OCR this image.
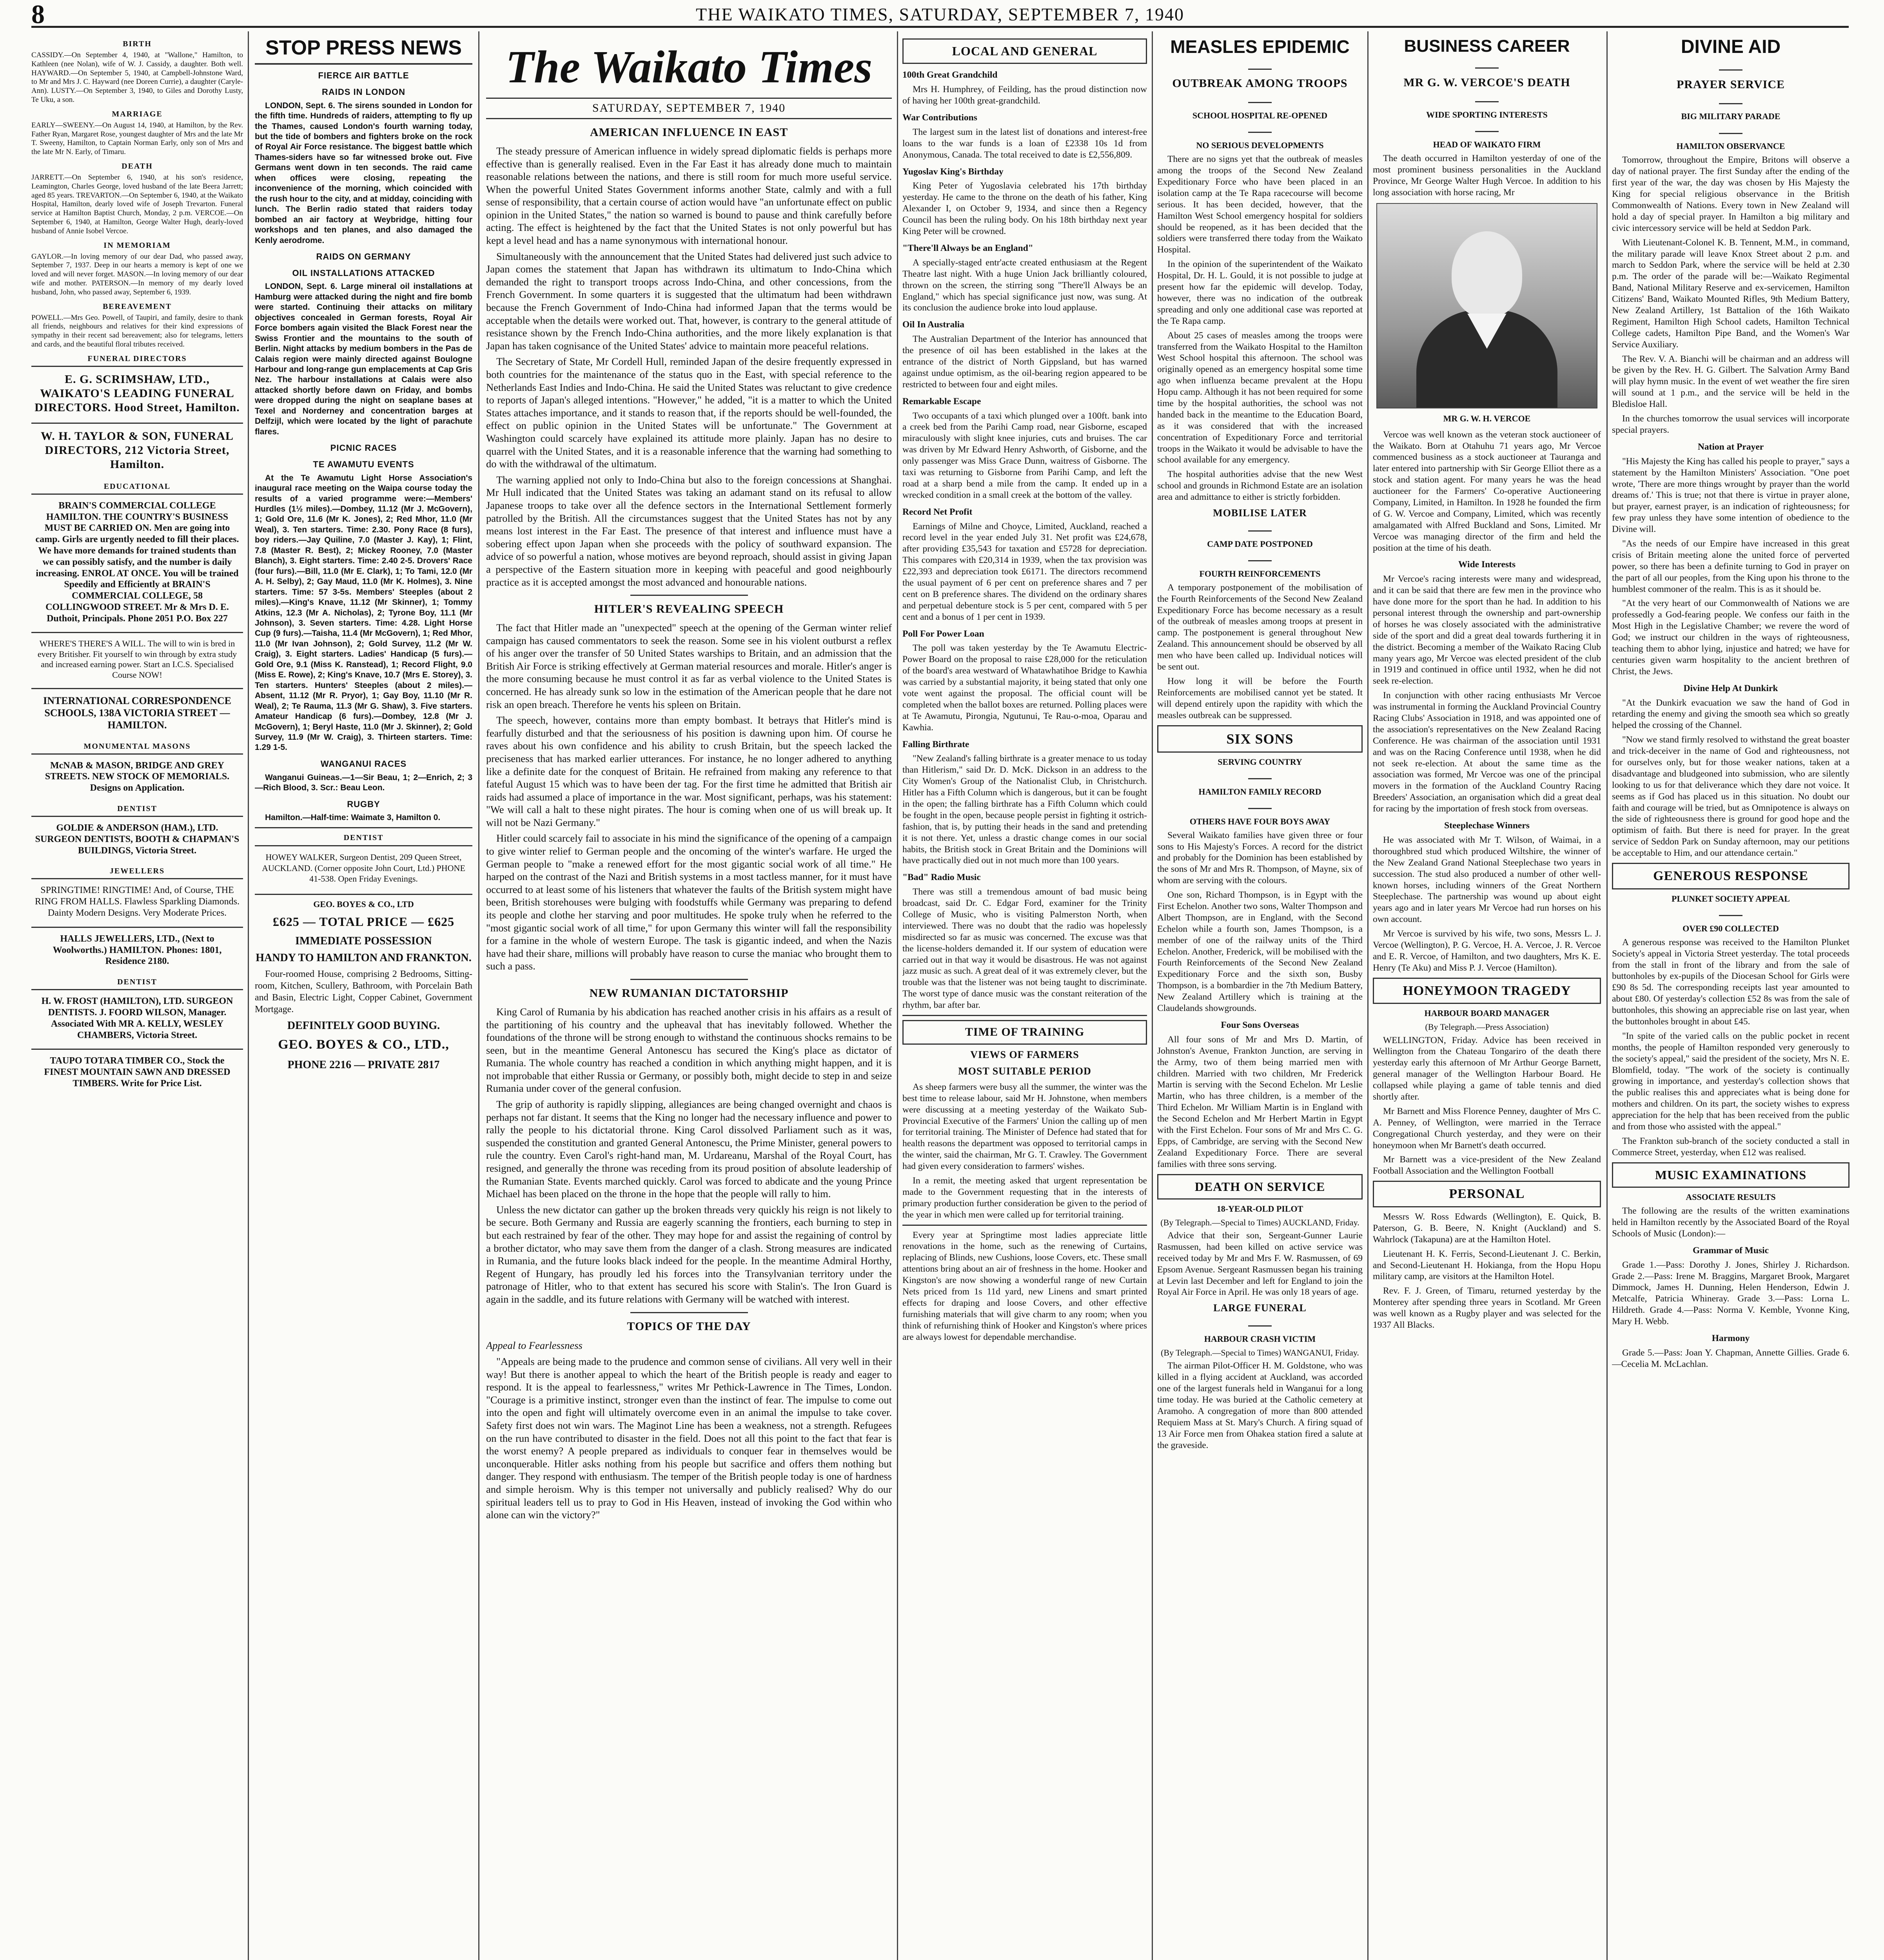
8	THE WAIKATO TIMES, SATURDAY, SEPTEMBER 7, 1940
BIRTH

CASSIDY.—On September 4, 1940, at "Wallone," Hamilton, to Kathleen (nee Nolan), wife of W. J. Cassidy, a daughter. Both well. HAYWARD.—On September 5, 1940, at Campbell-Johnstone Ward, to Mr and Mrs J. C. Hayward (nee Doreen Currie), a daughter (Caryle-Ann). LUSTY.—On September 3, 1940, to Giles and Dorothy Lusty, Te Uku, a son.

MARRIAGE

EARLY—SWEENY.—On August 14, 1940, at Hamilton, by the Rev. Father Ryan, Margaret Rose, youngest daughter of Mrs and the late Mr T. Sweeny, Hamilton, to Captain Norman Early, only son of Mrs and the late Mr N. Early, of Timaru.

DEATH

JARRETT.—On September 6, 1940, at his son's residence, Leamington, Charles George, loved husband of the late Beera Jarrett; aged 85 years. TREVARTON.—On September 6, 1940, at the Waikato Hospital, Hamilton, dearly loved wife of Joseph Trevarton. Funeral service at Hamilton Baptist Church, Monday, 2 p.m. VERCOE.—On September 6, 1940, at Hamilton, George Walter Hugh, dearly-loved husband of Annie Isobel Vercoe.

IN MEMORIAM

GAYLOR.—In loving memory of our dear Dad, who passed away, September 7, 1937. Deep in our hearts a memory is kept of one we loved and will never forget. MASON.—In loving memory of our dear wife and mother. PATERSON.—In memory of my dearly loved husband, John, who passed away, September 6, 1939.

BEREAVEMENT

POWELL.—Mrs Geo. Powell, of Taupiri, and family, desire to thank all friends, neighbours and relatives for their kind expressions of sympathy in their recent sad bereavement; also for telegrams, letters and cards, and the beautiful floral tributes received.

FUNERAL DIRECTORS
E. G. SCRIMSHAW, LTD., WAIKATO'S LEADING FUNERAL DIRECTORS. Hood Street, Hamilton.
W. H. TAYLOR & SON, FUNERAL DIRECTORS, 212 Victoria Street, Hamilton.
EDUCATIONAL
BRAIN'S COMMERCIAL COLLEGE HAMILTON. THE COUNTRY'S BUSINESS MUST BE CARRIED ON. Men are going into camp. Girls are urgently needed to fill their places. We have more demands for trained students than we can possibly satisfy, and the number is daily increasing. ENROL AT ONCE. You will be trained Speedily and Efficiently at BRAIN'S COMMERCIAL COLLEGE, 58 COLLINGWOOD STREET. Mr & Mrs D. E. Duthoit, Principals. Phone 2051 P.O. Box 227
WHERE'S THERE'S A WILL. The will to win is bred in every Britisher. Fit yourself to win through by extra study and increased earning power. Start an I.C.S. Specialised Course NOW!
INTERNATIONAL CORRESPONDENCE SCHOOLS, 138A VICTORIA STREET — HAMILTON.
MONUMENTAL MASONS
McNAB & MASON, BRIDGE AND GREY STREETS. NEW STOCK OF MEMORIALS. Designs on Application.
DENTIST
GOLDIE & ANDERSON (HAM.), LTD. SURGEON DENTISTS, BOOTH & CHAPMAN'S BUILDINGS, Victoria Street.
JEWELLERS
SPRINGTIME! RINGTIME! And, of Course, THE RING FROM HALLS. Flawless Sparkling Diamonds. Dainty Modern Designs. Very Moderate Prices.
HALLS JEWELLERS, LTD., (Next to Woolworths.) HAMILTON. Phones: 1801, Residence 2180.
DENTIST
H. W. FROST (HAMILTON), LTD. SURGEON DENTISTS. J. FOORD WILSON, Manager. Associated With MR A. KELLY, WESLEY CHAMBERS, Victoria Street.
TAUPO TOTARA TIMBER CO., Stock the FINEST MOUNTAIN SAWN AND DRESSED TIMBERS. Write for Price List.
STOP PRESS NEWS
FIERCE AIR BATTLE
RAIDS IN LONDON

LONDON, Sept. 6. The sirens sounded in London for the fifth time. Hundreds of raiders, attempting to fly up the Thames, caused London's fourth warning today, but the tide of bombers and fighters broke on the rock of Royal Air Force resistance. The biggest battle which Thames-siders have so far witnessed broke out. Five Germans went down in ten seconds. The raid came when offices were closing, repeating the inconvenience of the morning, which coincided with the rush hour to the city, and at midday, coinciding with lunch. The Berlin radio stated that raiders today bombed an air factory at Weybridge, hitting four workshops and ten planes, and also damaged the Kenly aerodrome.

RAIDS ON GERMANY
OIL INSTALLATIONS ATTACKED

LONDON, Sept. 6. Large mineral oil installations at Hamburg were attacked during the night and fire bomb were started. Continuing their attacks on military objectives concealed in German forests, Royal Air Force bombers again visited the Black Forest near the Swiss Frontier and the mountains to the south of Berlin. Night attacks by medium bombers in the Pas de Calais region were mainly directed against Boulogne Harbour and long-range gun emplacements at Cap Gris Nez. The harbour installations at Calais were also attacked shortly before dawn on Friday, and bombs were dropped during the night on seaplane bases at Texel and Norderney and concentration barges at Delfzijl, which were located by the light of parachute flares.

PICNIC RACES
TE AWAMUTU EVENTS

At the Te Awamutu Light Horse Association's inaugural race meeting on the Waipa course today the results of a varied programme were:—Members' Hurdles (1½ miles).—Dombey, 11.12 (Mr J. McGovern), 1; Gold Ore, 11.6 (Mr K. Jones), 2; Red Mhor, 11.0 (Mr Weal), 3. Ten starters. Time: 2.30. Pony Race (8 furs), boy riders.—Jay Quiline, 7.0 (Master J. Kay), 1; Flint, 7.8 (Master R. Best), 2; Mickey Rooney, 7.0 (Master Blanch), 3. Eight starters. Time: 2.40 2-5. Drovers' Race (four furs).—Bill, 11.0 (Mr E. Clark), 1; To Tami, 12.0 (Mr A. H. Selby), 2; Gay Maud, 11.0 (Mr K. Holmes), 3. Nine starters. Time: 57 3-5s. Members' Steeples (about 2 miles).—King's Knave, 11.12 (Mr Skinner), 1; Tommy Atkins, 12.3 (Mr A. Nicholas), 2; Tyrone Boy, 11.1 (Mr Johnson), 3. Seven starters. Time: 4.28. Light Horse Cup (9 furs).—Taisha, 11.4 (Mr McGovern), 1; Red Mhor, 11.0 (Mr Ivan Johnson), 2; Gold Survey, 11.2 (Mr W. Craig), 3. Eight starters. Ladies' Handicap (5 furs).—Gold Ore, 9.1 (Miss K. Ranstead), 1; Record Flight, 9.0 (Miss E. Rowe), 2; King's Knave, 10.7 (Mrs E. Storey), 3. Ten starters. Hunters' Steeples (about 2 miles).—Absent, 11.12 (Mr R. Pryor), 1; Gay Boy, 11.10 (Mr R. Weal), 2; Te Rauma, 11.3 (Mr G. Shaw), 3. Five starters. Amateur Handicap (6 furs).—Dombey, 12.8 (Mr J. McGovern), 1; Beryl Haste, 11.0 (Mr J. Skinner), 2; Gold Survey, 11.9 (Mr W. Craig), 3. Thirteen starters. Time: 1.29 1-5.

WANGANUI RACES

Wanganui Guineas.—1—Sir Beau, 1; 2—Enrich, 2; 3—Rich Blood, 3. Scr.: Beau Leon.

RUGBY

Hamilton.—Half-time: Waimate 3, Hamilton 0.

DENTIST
HOWEY WALKER, Surgeon Dentist, 209 Queen Street, AUCKLAND. (Corner opposite John Court, Ltd.) PHONE 41-538. Open Friday Evenings.
GEO. BOYES & CO., LTD
£625 — TOTAL PRICE — £625
IMMEDIATE POSSESSION
HANDY TO HAMILTON AND FRANKTON.

Four-roomed House, comprising 2 Bedrooms, Sitting-room, Kitchen, Scullery, Bathroom, with Porcelain Bath and Basin, Electric Light, Copper Cabinet, Government Mortgage.

DEFINITELY GOOD BUYING.
GEO. BOYES & CO., LTD.,
PHONE 2216 — PRIVATE 2817
The Waikato Times
SATURDAY, SEPTEMBER 7, 1940
AMERICAN INFLUENCE IN EAST

The steady pressure of American influence in widely spread diplomatic fields is perhaps more effective than is generally realised. Even in the Far East it has already done much to maintain reasonable relations between the nations, and there is still room for much more useful service. When the powerful United States Government informs another State, calmly and with a full sense of responsibility, that a certain course of action would have "an unfortunate effect on public opinion in the United States," the nation so warned is bound to pause and think carefully before acting. The effect is heightened by the fact that the United States is not only powerful but has kept a level head and has a name synonymous with international honour.

Simultaneously with the announcement that the United States had delivered just such advice to Japan comes the statement that Japan has withdrawn its ultimatum to Indo-China which demanded the right to transport troops across Indo-China, and other concessions, from the French Government. In some quarters it is suggested that the ultimatum had been withdrawn because the French Government of Indo-China had informed Japan that the terms would be acceptable when the details were worked out. That, however, is contrary to the general attitude of resistance shown by the French Indo-China authorities, and the more likely explanation is that Japan has taken cognisance of the United States' advice to maintain more peaceful relations.

The Secretary of State, Mr Cordell Hull, reminded Japan of the desire frequently expressed in both countries for the maintenance of the status quo in the East, with special reference to the Netherlands East Indies and Indo-China. He said the United States was reluctant to give credence to reports of Japan's alleged intentions. "However," he added, "it is a matter to which the United States attaches importance, and it stands to reason that, if the reports should be well-founded, the effect on public opinion in the United States will be unfortunate." The Government at Washington could scarcely have explained its attitude more plainly. Japan has no desire to quarrel with the United States, and it is a reasonable inference that the warning had something to do with the withdrawal of the ultimatum.

The warning applied not only to Indo-China but also to the foreign concessions at Shanghai. Mr Hull indicated that the United States was taking an adamant stand on its refusal to allow Japanese troops to take over all the defence sectors in the International Settlement formerly patrolled by the British. All the circumstances suggest that the United States has not by any means lost interest in the Far East. The presence of that interest and influence must have a sobering effect upon Japan when she proceeds with the policy of southward expansion. The advice of so powerful a nation, whose motives are beyond reproach, should assist in giving Japan a perspective of the Eastern situation more in keeping with peaceful and good neighbourly practice as it is accepted amongst the most advanced and honourable nations.

HITLER'S REVEALING SPEECH

The fact that Hitler made an "unexpected" speech at the opening of the German winter relief campaign has caused commentators to seek the reason. Some see in his violent outburst a reflex of his anger over the transfer of 50 United States warships to Britain, and an admission that the British Air Force is striking effectively at German material resources and morale. Hitler's anger is the more consuming because he must control it as far as verbal violence to the United States is concerned. He has already sunk so low in the estimation of the American people that he dare not risk an open breach. Therefore he vents his spleen on Britain.

The speech, however, contains more than empty bombast. It betrays that Hitler's mind is fearfully disturbed and that the seriousness of his position is dawning upon him. Of course he raves about his own confidence and his ability to crush Britain, but the speech lacked the preciseness that has marked earlier utterances. For instance, he no longer adhered to anything like a definite date for the conquest of Britain. He refrained from making any reference to that fateful August 15 which was to have been der tag. For the first time he admitted that British air raids had assumed a place of importance in the war. Most significant, perhaps, was his statement: "We will call a halt to these night pirates. The hour is coming when one of us will break up. It will not be Nazi Germany."

Hitler could scarcely fail to associate in his mind the significance of the opening of a campaign to give winter relief to German people and the oncoming of the winter's warfare. He urged the German people to "make a renewed effort for the most gigantic social work of all time." He harped on the contrast of the Nazi and British systems in a most tactless manner, for it must have occurred to at least some of his listeners that whatever the faults of the British system might have been, British storehouses were bulging with foodstuffs while Germany was preparing to defend its people and clothe her starving and poor multitudes. He spoke truly when he referred to the "most gigantic social work of all time," for upon Germany this winter will fall the responsibility for a famine in the whole of western Europe. The task is gigantic indeed, and when the Nazis have had their share, millions will probably have reason to curse the maniac who brought them to such a pass.

NEW RUMANIAN DICTATORSHIP

King Carol of Rumania by his abdication has reached another crisis in his affairs as a result of the partitioning of his country and the upheaval that has inevitably followed. Whether the foundations of the throne will be strong enough to withstand the continuous shocks remains to be seen, but in the meantime General Antonescu has secured the King's place as dictator of Rumania. The whole country has reached a condition in which anything might happen, and it is not improbable that either Russia or Germany, or possibly both, might decide to step in and seize Rumania under cover of the general confusion.

The grip of authority is rapidly slipping, allegiances are being changed overnight and chaos is perhaps not far distant. It seems that the King no longer had the necessary influence and power to rally the people to his dictatorial throne. King Carol dissolved Parliament such as it was, suspended the constitution and granted General Antonescu, the Prime Minister, general powers to rule the country. Even Carol's right-hand man, M. Urdareanu, Marshal of the Royal Court, has resigned, and generally the throne was receding from its proud position of absolute leadership of the Rumanian State. Events marched quickly. Carol was forced to abdicate and the young Prince Michael has been placed on the throne in the hope that the people will rally to him.

Unless the new dictator can gather up the broken threads very quickly his reign is not likely to be secure. Both Germany and Russia are eagerly scanning the frontiers, each burning to step in but each restrained by fear of the other. They may hope for and assist the regaining of control by a brother dictator, who may save them from the danger of a clash. Strong measures are indicated in Rumania, and the future looks black indeed for the people. In the meantime Admiral Horthy, Regent of Hungary, has proudly led his forces into the Transylvanian territory under the patronage of Hitler, who to that extent has secured his score with Stalin's. The Iron Guard is again in the saddle, and its future relations with Germany will be watched with interest.

TOPICS OF THE DAY

Appeal to Fearlessness

"Appeals are being made to the prudence and common sense of civilians. All very well in their way! But there is another appeal to which the heart of the British people is ready and eager to respond. It is the appeal to fearlessness," writes Mr Pethick-Lawrence in The Times, London. "Courage is a primitive instinct, stronger even than the instinct of fear. The impulse to come out into the open and fight will ultimately overcome even in an animal the impulse to take cover. Safety first does not win wars. The Maginot Line has been a weakness, not a strength. Refugees on the run have contributed to disaster in the field. Does not all this point to the fact that fear is the worst enemy? A people prepared as individuals to conquer fear in themselves would be unconquerable. Hitler asks nothing from his people but sacrifice and offers them nothing but danger. They respond with enthusiasm. The temper of the British people today is one of hardness and simple heroism. Why is this temper not universally and publicly realised? Why do our spiritual leaders tell us to pray to God in His Heaven, instead of invoking the God within who alone can win the victory?"

LOCAL AND GENERAL

100th Great Grandchild

Mrs H. Humphrey, of Feilding, has the proud distinction now of having her 100th great-grandchild.

War Contributions

The largest sum in the latest list of donations and interest-free loans to the war funds is a loan of £2338 10s 1d from Anonymous, Canada. The total received to date is £2,556,809.

Yugoslav King's Birthday

King Peter of Yugoslavia celebrated his 17th birthday yesterday. He came to the throne on the death of his father, King Alexander I, on October 9, 1934, and since then a Regency Council has been the ruling body. On his 18th birthday next year King Peter will be crowned.

"There'll Always be an England"

A specially-staged entr'acte created enthusiasm at the Regent Theatre last night. With a huge Union Jack brilliantly coloured, thrown on the screen, the stirring song "There'll Always be an England," which has special significance just now, was sung. At its conclusion the audience broke into loud applause.

Oil In Australia

The Australian Department of the Interior has announced that the presence of oil has been established in the lakes at the entrance of the district of North Gippsland, but has warned against undue optimism, as the oil-bearing region appeared to be restricted to between four and eight miles.

Remarkable Escape

Two occupants of a taxi which plunged over a 100ft. bank into a creek bed from the Parihi Camp road, near Gisborne, escaped miraculously with slight knee injuries, cuts and bruises. The car was driven by Mr Edward Henry Ashworth, of Gisborne, and the only passenger was Miss Grace Dunn, waitress of Gisborne. The taxi was returning to Gisborne from Parihi Camp, and left the road at a sharp bend a mile from the camp. It ended up in a wrecked condition in a small creek at the bottom of the valley.

Record Net Profit

Earnings of Milne and Choyce, Limited, Auckland, reached a record level in the year ended July 31. Net profit was £24,678, after providing £35,543 for taxation and £5728 for depreciation. This compares with £20,314 in 1939, when the tax provision was £22,393 and depreciation took £6171. The directors recommend the usual payment of 6 per cent on preference shares and 7 per cent on B preference shares. The dividend on the ordinary shares and perpetual debenture stock is 5 per cent, compared with 5 per cent and a bonus of 1 per cent in 1939.

Poll For Power Loan

The poll was taken yesterday by the Te Awamutu Electric-Power Board on the proposal to raise £28,000 for the reticulation of the board's area westward of Whatawhatihoe Bridge to Kawhia was carried by a substantial majority, it being stated that only one vote went against the proposal. The official count will be completed when the ballot boxes are returned. Polling places were at Te Awamutu, Pirongia, Ngutunui, Te Rau-o-moa, Oparau and Kawhia.

Falling Birthrate

"New Zealand's falling birthrate is a greater menace to us today than Hitlerism," said Dr. D. McK. Dickson in an address to the City Women's Group of the Nationalist Club, in Christchurch. Hitler has a Fifth Column which is dangerous, but it can be fought in the open; the falling birthrate has a Fifth Column which could be fought in the open, because people persist in fighting it ostrich-fashion, that is, by putting their heads in the sand and pretending it is not there. Yet, unless a drastic change comes in our social habits, the British stock in Great Britain and the Dominions will have practically died out in not much more than 100 years.

"Bad" Radio Music

There was still a tremendous amount of bad music being broadcast, said Dr. C. Edgar Ford, examiner for the Trinity College of Music, who is visiting Palmerston North, when interviewed. There was no doubt that the radio was hopelessly misdirected so far as music was concerned. The excuse was that the license-holders demanded it. If our system of education were carried out in that way it would be disastrous. He was not against jazz music as such. A great deal of it was extremely clever, but the trouble was that the listener was not being taught to discriminate. The worst type of dance music was the constant reiteration of the rhythm, bar after bar.

TIME OF TRAINING
VIEWS OF FARMERS
MOST SUITABLE PERIOD

As sheep farmers were busy all the summer, the winter was the best time to release labour, said Mr H. Johnstone, when members were discussing at a meeting yesterday of the Waikato Sub-Provincial Executive of the Farmers' Union the calling up of men for territorial training. The Minister of Defence had stated that for health reasons the department was opposed to territorial camps in the winter, said the chairman, Mr G. T. Crawley. The Government had given every consideration to farmers' wishes.

In a remit, the meeting asked that urgent representation be made to the Government requesting that in the interests of primary production further consideration be given to the period of the year in which men were called up for territorial training.

Every year at Springtime most ladies appreciate little renovations in the home, such as the renewing of Curtains, replacing of Blinds, new Cushions, loose Covers, etc. These small attentions bring about an air of freshness in the home. Hooker and Kingston's are now showing a wonderful range of new Curtain Nets priced from 1s 11d yard, new Linens and smart printed effects for draping and loose Covers, and other effective furnishing materials that will give charm to any room; when you think of refurnishing think of Hooker and Kingston's where prices are always lowest for dependable merchandise.

MEASLES EPIDEMIC
OUTBREAK AMONG TROOPS
SCHOOL HOSPITAL RE-OPENED
NO SERIOUS DEVELOPMENTS

There are no signs yet that the outbreak of measles among the troops of the Second New Zealand Expeditionary Force who have been placed in an isolation camp at the Te Rapa racecourse will become serious. It has been decided, however, that the Hamilton West School emergency hospital for soldiers should be reopened, as it has been decided that the soldiers were transferred there today from the Waikato Hospital.

In the opinion of the superintendent of the Waikato Hospital, Dr. H. L. Gould, it is not possible to judge at present how far the epidemic will develop. Today, however, there was no indication of the outbreak spreading and only one additional case was reported at the Te Rapa camp.

About 25 cases of measles among the troops were transferred from the Waikato Hospital to the Hamilton West School hospital this afternoon. The school was originally opened as an emergency hospital some time ago when influenza became prevalent at the Hopu Hopu camp. Although it has not been required for some time by the hospital authorities, the school was not handed back in the meantime to the Education Board, as it was considered that with the increased concentration of Expeditionary Force and territorial troops in the Waikato it would be advisable to have the school available for any emergency.

The hospital authorities advise that the new West school and grounds in Richmond Estate are an isolation area and admittance to either is strictly forbidden.

MOBILISE LATER
CAMP DATE POSTPONED
FOURTH REINFORCEMENTS

A temporary postponement of the mobilisation of the Fourth Reinforcements of the Second New Zealand Expeditionary Force has become necessary as a result of the outbreak of measles among troops at present in camp. The postponement is general throughout New Zealand. This announcement should be observed by all men who have been called up. Individual notices will be sent out.

How long it will be before the Fourth Reinforcements are mobilised cannot yet be stated. It will depend entirely upon the rapidity with which the measles outbreak can be suppressed.

SIX SONS
SERVING COUNTRY
HAMILTON FAMILY RECORD
OTHERS HAVE FOUR BOYS AWAY

Several Waikato families have given three or four sons to His Majesty's Forces. A record for the district and probably for the Dominion has been established by the sons of Mr and Mrs R. Thompson, of Mayne, six of whom are serving with the colours.

One son, Richard Thompson, is in Egypt with the First Echelon. Another two sons, Walter Thompson and Albert Thompson, are in England, with the Second Echelon while a fourth son, James Thompson, is a member of one of the railway units of the Third Echelon. Another, Frederick, will be mobilised with the Fourth Reinforcements of the Second New Zealand Expeditionary Force and the sixth son, Busby Thompson, is a bombardier in the 7th Medium Battery, New Zealand Artillery which is training at the Claudelands showgrounds.

Four Sons Overseas

All four sons of Mr and Mrs D. Martin, of Johnston's Avenue, Frankton Junction, are serving in the Army, two of them being married men with children. Married with two children, Mr Frederick Martin is serving with the Second Echelon. Mr Leslie Martin, who has three children, is a member of the Third Echelon. Mr William Martin is in England with the Second Echelon and Mr Herbert Martin in Egypt with the First Echelon. Four sons of Mr and Mrs C. G. Epps, of Cambridge, are serving with the Second New Zealand Expeditionary Force. There are several families with three sons serving.

DEATH ON SERVICE
18-YEAR-OLD PILOT
(By Telegraph.—Special to Times) AUCKLAND, Friday.

Advice that their son, Sergeant-Gunner Laurie Rasmussen, had been killed on active service was received today by Mr and Mrs F. W. Rasmussen, of 69 Epsom Avenue. Sergeant Rasmussen began his training at Levin last December and left for England to join the Royal Air Force in April. He was only 18 years of age.

LARGE FUNERAL
HARBOUR CRASH VICTIM
(By Telegraph.—Special to Times) WANGANUI, Friday.

The airman Pilot-Officer H. M. Goldstone, who was killed in a flying accident at Auckland, was accorded one of the largest funerals held in Wanganui for a long time today. He was buried at the Catholic cemetery at Aramoho. A congregation of more than 800 attended Requiem Mass at St. Mary's Church. A firing squad of 13 Air Force men from Ohakea station fired a salute at the graveside.

BUSINESS CAREER
MR G. W. VERCOE'S DEATH
WIDE SPORTING INTERESTS
HEAD OF WAIKATO FIRM

The death occurred in Hamilton yesterday of one of the most prominent business personalities in the Auckland Province, Mr George Walter Hugh Vercoe. In addition to his long association with horse racing, Mr

MR G. W. H. VERCOE

Vercoe was well known as the veteran stock auctioneer of the Waikato. Born at Otahuhu 71 years ago, Mr Vercoe commenced business as a stock auctioneer at Tauranga and later entered into partnership with Sir George Elliot there as a stock and station agent. For many years he was the head auctioneer for the Farmers' Co-operative Auctioneering Company, Limited, in Hamilton. In 1928 he founded the firm of G. W. Vercoe and Company, Limited, which was recently amalgamated with Alfred Buckland and Sons, Limited. Mr Vercoe was managing director of the firm and held the position at the time of his death.

Wide Interests

Mr Vercoe's racing interests were many and widespread, and it can be said that there are few men in the province who have done more for the sport than he had. In addition to his personal interest through the ownership and part-ownership of horses he was closely associated with the administrative side of the sport and did a great deal towards furthering it in the district. Becoming a member of the Waikato Racing Club many years ago, Mr Vercoe was elected president of the club in 1919 and continued in office until 1932, when he did not seek re-election.

In conjunction with other racing enthusiasts Mr Vercoe was instrumental in forming the Auckland Provincial Country Racing Clubs' Association in 1918, and was appointed one of the association's representatives on the New Zealand Racing Conference. He was chairman of the association until 1931 and was on the Racing Conference until 1938, when he did not seek re-election. At about the same time as the association was formed, Mr Vercoe was one of the principal movers in the formation of the Auckland Country Racing Breeders' Association, an organisation which did a great deal for racing by the importation of fresh stock from overseas.

Steeplechase Winners

He was associated with Mr T. Wilson, of Waimai, in a thoroughbred stud which produced Wiltshire, the winner of the New Zealand Grand National Steeplechase two years in succession. The stud also produced a number of other well-known horses, including winners of the Great Northern Steeplechase. The partnership was wound up about eight years ago and in later years Mr Vercoe had run horses on his own account.

Mr Vercoe is survived by his wife, two sons, Messrs L. J. Vercoe (Wellington), P. G. Vercoe, H. A. Vercoe, J. R. Vercoe and E. R. Vercoe, of Hamilton, and two daughters, Mrs K. E. Henry (Te Aku) and Miss P. J. Vercoe (Hamilton).

HONEYMOON TRAGEDY
HARBOUR BOARD MANAGER
(By Telegraph.—Press Association)

WELLINGTON, Friday. Advice has been received in Wellington from the Chateau Tongariro of the death there yesterday early this afternoon of Mr Arthur George Barnett, general manager of the Wellington Harbour Board. He collapsed while playing a game of table tennis and died shortly after.

Mr Barnett and Miss Florence Penney, daughter of Mrs C. A. Penney, of Wellington, were married in the Terrace Congregational Church yesterday, and they were on their honeymoon when Mr Barnett's death occurred.

Mr Barnett was a vice-president of the New Zealand Football Association and the Wellington Football

PERSONAL

Messrs W. Ross Edwards (Wellington), E. Quick, B. Paterson, G. B. Beere, N. Knight (Auckland) and S. Wahrlock (Takapuna) are at the Hamilton Hotel.

Lieutenant H. K. Ferris, Second-Lieutenant J. C. Berkin, and Second-Lieutenant H. Hokianga, from the Hopu Hopu military camp, are visitors at the Hamilton Hotel.

Rev. F. J. Green, of Timaru, returned yesterday by the Monterey after spending three years in Scotland. Mr Green was well known as a Rugby player and was selected for the 1937 All Blacks.

DIVINE AID
PRAYER SERVICE
BIG MILITARY PARADE
HAMILTON OBSERVANCE

Tomorrow, throughout the Empire, Britons will observe a day of national prayer. The first Sunday after the ending of the first year of the war, the day was chosen by His Majesty the King for special religious observance in the British Commonwealth of Nations. Every town in New Zealand will hold a day of special prayer. In Hamilton a big military and civic intercessory service will be held at Seddon Park.

With Lieutenant-Colonel K. B. Tennent, M.M., in command, the military parade will leave Knox Street about 2 p.m. and march to Seddon Park, where the service will be held at 2.30 p.m. The order of the parade will be:—Waikato Regimental Band, National Military Reserve and ex-servicemen, Hamilton Citizens' Band, Waikato Mounted Rifles, 9th Medium Battery, New Zealand Artillery, 1st Battalion of the 16th Waikato Regiment, Hamilton High School cadets, Hamilton Technical College cadets, Hamilton Pipe Band, and the Women's War Service Auxiliary.

The Rev. V. A. Bianchi will be chairman and an address will be given by the Rev. H. G. Gilbert. The Salvation Army Band will play hymn music. In the event of wet weather the fire siren will sound at 1 p.m., and the service will be held in the Bledisloe Hall.

In the churches tomorrow the usual services will incorporate special prayers.

Nation at Prayer

"His Majesty the King has called his people to prayer," says a statement by the Hamilton Ministers' Association. "One poet wrote, 'There are more things wrought by prayer than the world dreams of.' This is true; not that there is virtue in prayer alone, but prayer, earnest prayer, is an indication of righteousness; for few pray unless they have some intention of obedience to the Divine will.

"As the needs of our Empire have increased in this great crisis of Britain meeting alone the united force of perverted power, so there has been a definite turning to God in prayer on the part of all our peoples, from the King upon his throne to the humblest commoner of the realm. This is as it should be.

"At the very heart of our Commonwealth of Nations we are professedly a God-fearing people. We confess our faith in the Most High in the Legislative Chamber; we revere the word of God; we instruct our children in the ways of righteousness, teaching them to abhor lying, injustice and hatred; we have for centuries given warm hospitality to the ancient brethren of Christ, the Jews.

Divine Help At Dunkirk

"At the Dunkirk evacuation we saw the hand of God in retarding the enemy and giving the smooth sea which so greatly helped the crossing of the Channel.

"Now we stand firmly resolved to withstand the great boaster and trick-deceiver in the name of God and righteousness, not for ourselves only, but for those weaker nations, taken at a disadvantage and bludgeoned into submission, who are silently looking to us for that deliverance which they dare not voice. It seems as if God has placed us in this situation. No doubt our faith and courage will be tried, but as Omnipotence is always on the side of righteousness there is ground for good hope and the optimism of faith. But there is need for prayer. In the great service of Seddon Park on Sunday afternoon, may our petitions be acceptable to Him, and our attendance certain."

GENEROUS RESPONSE
PLUNKET SOCIETY APPEAL
OVER £90 COLLECTED

A generous response was received to the Hamilton Plunket Society's appeal in Victoria Street yesterday. The total proceeds from the stall in front of the library and from the sale of buttonholes by ex-pupils of the Diocesan School for Girls were £90 8s 5d. The corresponding receipts last year amounted to about £80. Of yesterday's collection £52 8s was from the sale of buttonholes, this showing an appreciable rise on last year, when the buttonholes brought in about £45.

"In spite of the varied calls on the public pocket in recent months, the people of Hamilton responded very generously to the society's appeal," said the president of the society, Mrs N. E. Blomfield, today. "The work of the society is continually growing in importance, and yesterday's collection shows that the public realises this and appreciates what is being done for mothers and children. On its part, the society wishes to express appreciation for the help that has been received from the public and from those who assisted with the appeal."

The Frankton sub-branch of the society conducted a stall in Commerce Street, yesterday, when £12 was realised.

MUSIC EXAMINATIONS
ASSOCIATE RESULTS

The following are the results of the written examinations held in Hamilton recently by the Associated Board of the Royal Schools of Music (London):—

Grammar of Music

Grade 1.—Pass: Dorothy J. Jones, Shirley J. Richardson. Grade 2.—Pass: Irene M. Braggins, Margaret Brook, Margaret Dimmock, James H. Dunning, Helen Henderson, Edwin J. Metcalfe, Patricia Whineray. Grade 3.—Pass: Lorna L. Hildreth. Grade 4.—Pass: Norma V. Kemble, Yvonne King, Mary H. Webb.

Harmony

Grade 5.—Pass: Joan Y. Chapman, Annette Gillies. Grade 6.—Cecelia M. McLachlan.
